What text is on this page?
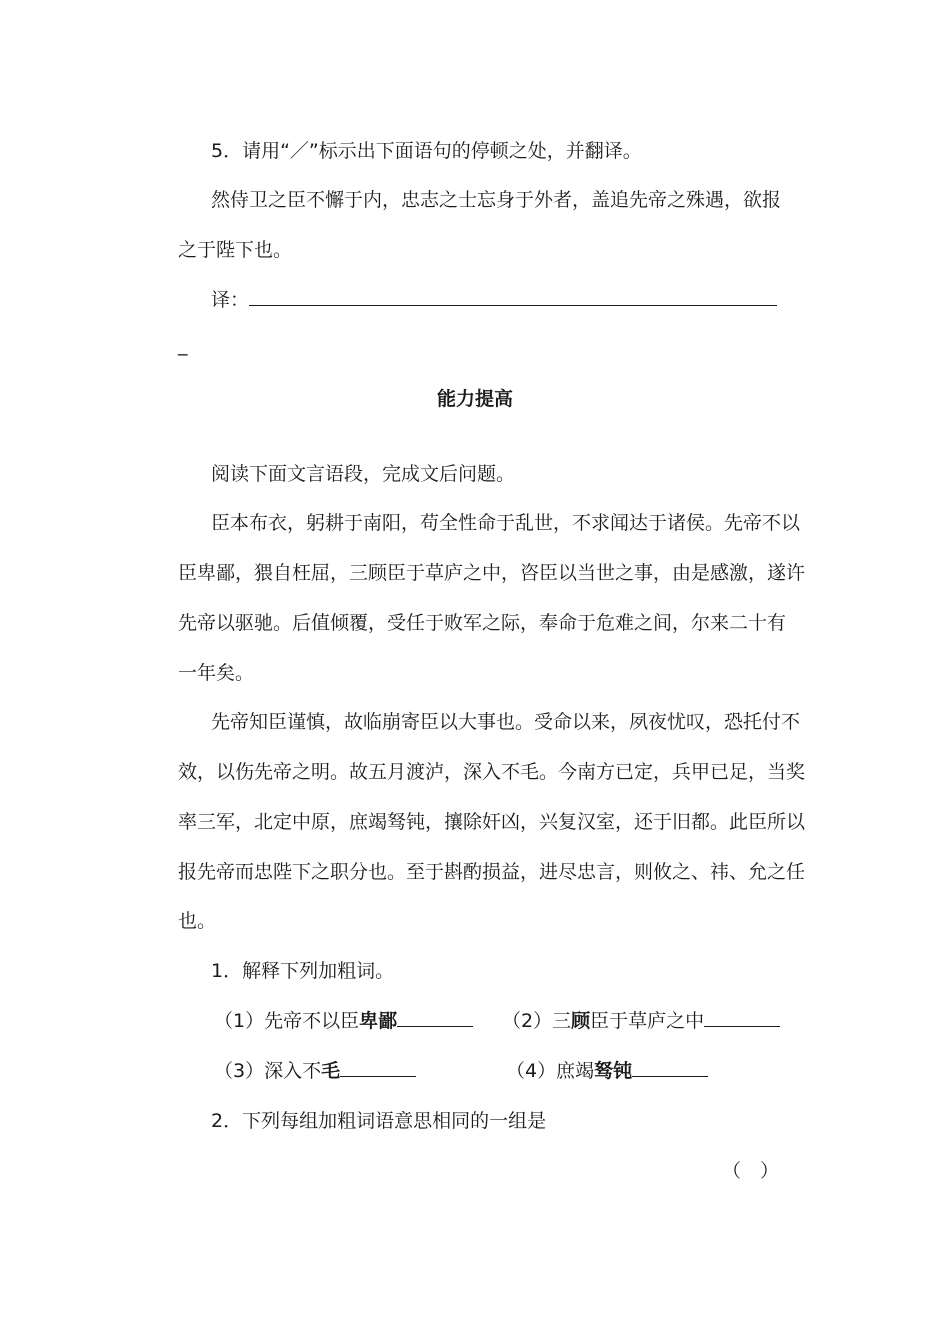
5．请用“／”标示出下面语句的停顿之处，并翻译。
然侍卫之臣不懈于内，忠志之士忘身于外者，盖追先帝之殊遇，欲报
之于陛下也。
译：
_
能力提高
阅读下面文言语段，完成文后问题。
臣本布衣，躬耕于南阳，苟全性命于乱世，不求闻达于诸侯。先帝不以
臣卑鄙，猥自枉屈，三顾臣于草庐之中，咨臣以当世之事，由是感激，遂许
先帝以驱驰。后值倾覆，受任于败军之际，奉命于危难之间，尔来二十有
一年矣。
先帝知臣谨慎，故临崩寄臣以大事也。受命以来，夙夜忧叹，恐托付不
效，以伤先帝之明。故五月渡泸，深入不毛。今南方已定，兵甲已足，当奖
率三军，北定中原，庶竭驽钝，攘除奸凶，兴复汉室，还于旧都。此臣所以
报先帝而忠陛下之职分也。至于斟酌损益，进尽忠言，则攸之、祎、允之任
也。
1．解释下列加粗词。
（1）先帝不以臣卑鄙	（2）三顾臣于草庐之中
（3）深入不毛	（4）庶竭驽钝
2．下列每组加粗词语意思相同的一组是
（　）
